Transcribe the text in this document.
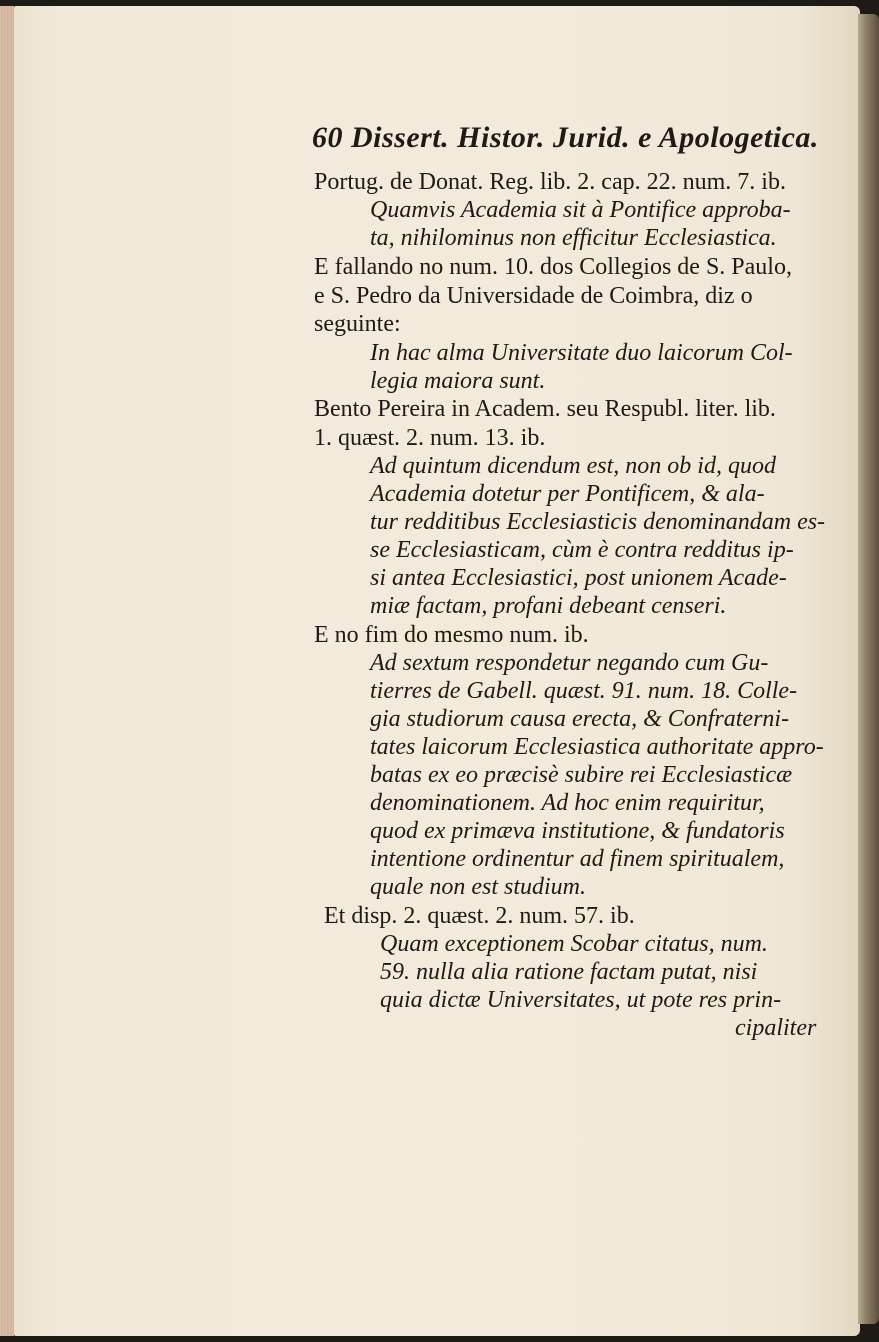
60 Dissert. Histor. Jurid. e Apologetica.
Portug. de Donat. Reg. lib. 2. cap. 22. num. 7. ib.
Quamvis Academia sit à Pontifice approba-
ta, nihilominus non efficitur Ecclesiastica.
E fallando no num. 10. dos Collegios de S. Paulo,
e S. Pedro da Universidade de Coimbra, diz o
seguinte:
In hac alma Universitate duo laicorum Col-
legia maiora sunt.
Bento Pereira in Academ. seu Respubl. liter. lib.
1. quæst. 2. num. 13. ib.
Ad quintum dicendum est, non ob id, quod
Academia dotetur per Pontificem, & ala-
tur redditibus Ecclesiasticis denominandam es-
se Ecclesiasticam, cùm è contra redditus ip-
si antea Ecclesiastici, post unionem Acade-
miæ factam, profani debeant censeri.
E no fim do mesmo num. ib.
Ad sextum respondetur negando cum Gu-
tierres de Gabell. quæst. 91. num. 18. Colle-
gia studiorum causa erecta, & Confraterni-
tates laicorum Ecclesiastica authoritate appro-
batas ex eo præcisè subire rei Ecclesiasticæ
denominationem. Ad hoc enim requiritur,
quod ex primæva institutione, & fundatoris
intentione ordinentur ad finem spiritualem,
quale non est studium.
Et disp. 2. quæst. 2. num. 57. ib.
Quam exceptionem Scobar citatus, num.
59. nulla alia ratione factam putat, nisi
quia dictæ Universitates, ut pote res prin-
cipaliter
